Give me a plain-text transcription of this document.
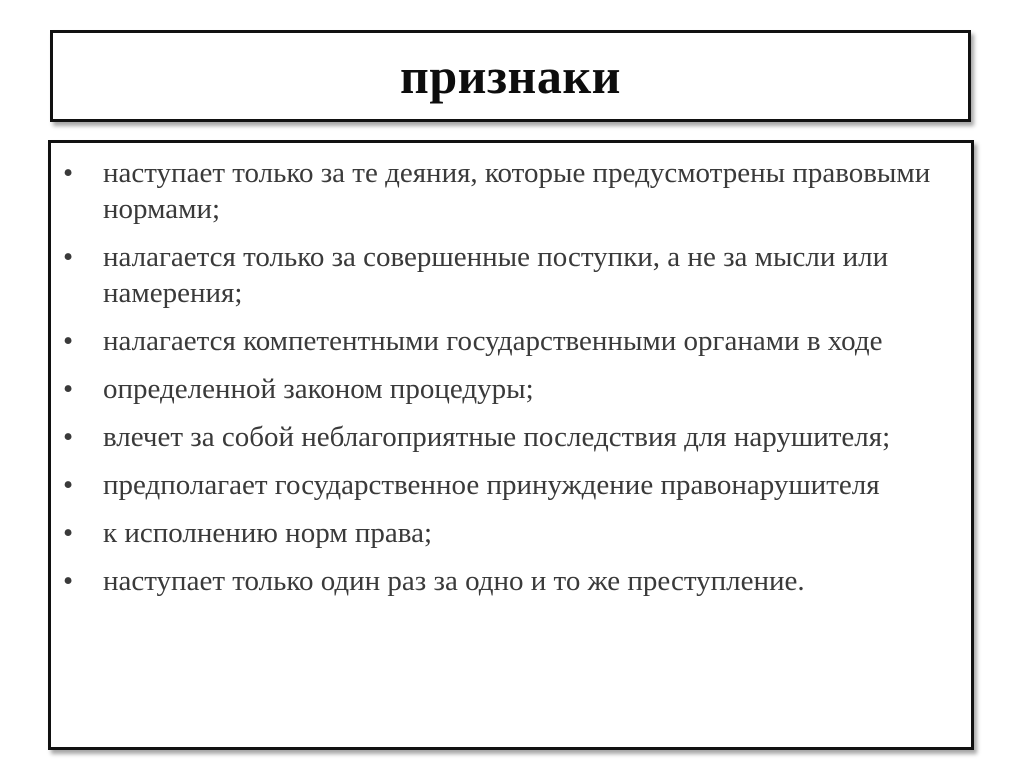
признаки
• наступает только за те деяния, которые предусмотрены правовыми нормами;
• налагается только за совершенные поступки, а не за мысли или намерения;
• налагается компетентными государственными органами в ходе
• определенной законом процедуры;
• влечет за собой неблагоприятные последствия для нарушителя;
• предполагает государственное принуждение правонарушителя
• к исполнению норм права;
• наступает только один раз за одно и то же преступление.
